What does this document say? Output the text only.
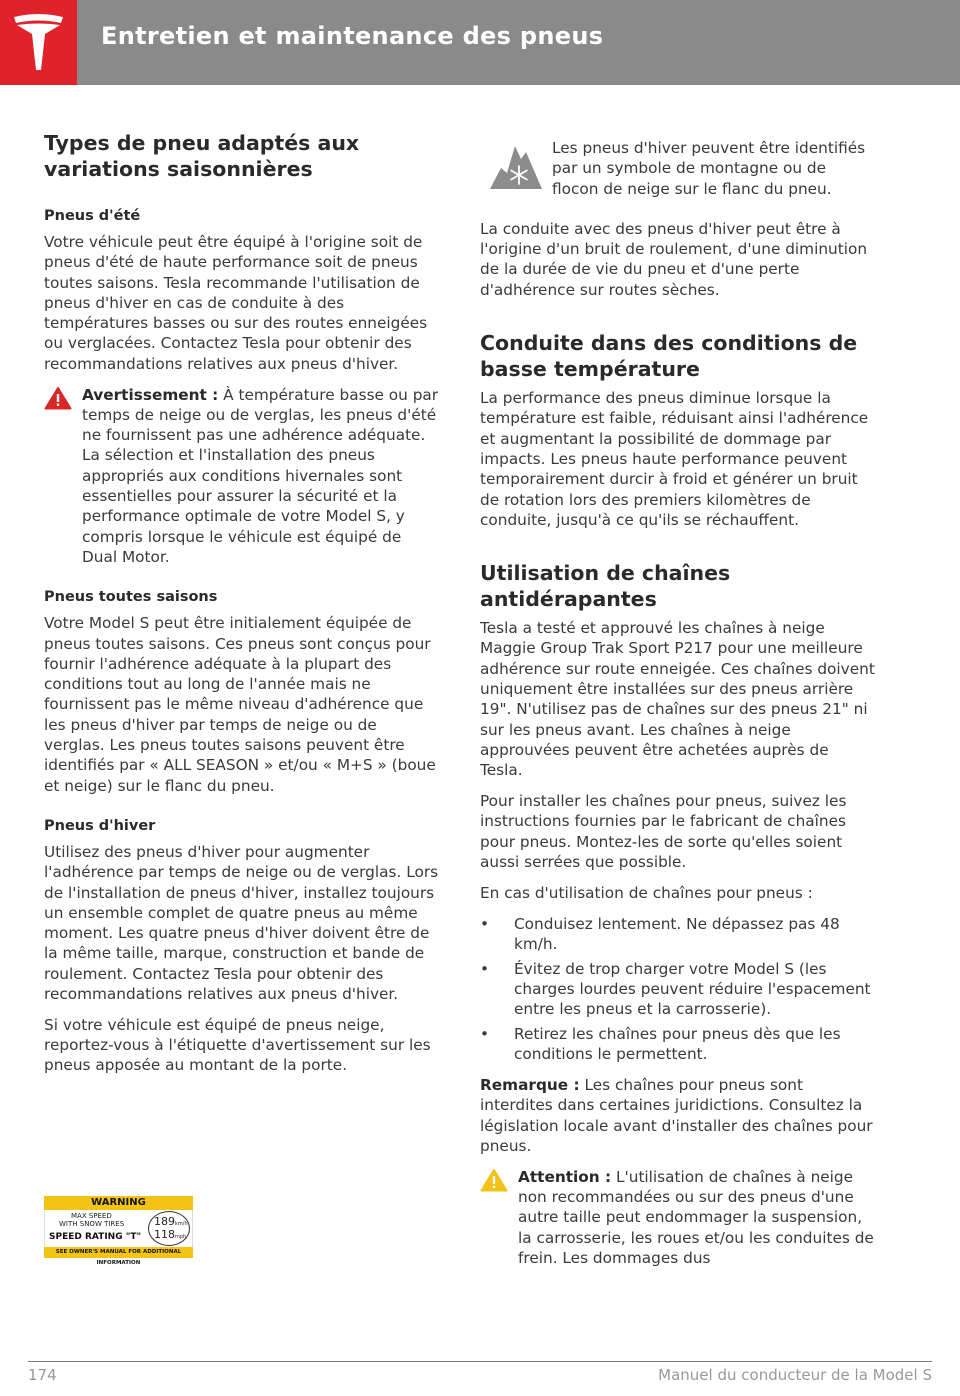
Entretien et maintenance des pneus
Types de pneu adaptés aux variations saisonnières
Pneus d'été

Votre véhicule peut être équipé à l'origine soit de pneus d'été de haute performance soit de pneus toutes saisons. Tesla recommande l'utilisation de pneus d'hiver en cas de conduite à des températures basses ou sur des routes enneigées ou verglacées. Contactez Tesla pour obtenir des recommandations relatives aux pneus d'hiver.

Avertissement : À température basse ou par temps de neige ou de verglas, les pneus d'été ne fournissent pas une adhérence adéquate. La sélection et l'installation des pneus appropriés aux conditions hivernales sont essentielles pour assurer la sécurité et la performance optimale de votre Model S, y compris lorsque le véhicule est équipé de Dual Motor.
Pneus toutes saisons

Votre Model S peut être initialement équipée de pneus toutes saisons. Ces pneus sont conçus pour fournir l'adhérence adéquate à la plupart des conditions tout au long de l'année mais ne fournissent pas le même niveau d'adhérence que les pneus d'hiver par temps de neige ou de verglas. Les pneus toutes saisons peuvent être identifiés par « ALL SEASON » et/ou « M+S » (boue et neige) sur le flanc du pneu.

Pneus d'hiver

Utilisez des pneus d'hiver pour augmenter l'adhérence par temps de neige ou de verglas. Lors de l'installation de pneus d'hiver, installez toujours un ensemble complet de quatre pneus au même moment. Les quatre pneus d'hiver doivent être de la même taille, marque, construction et bande de roulement. Contactez Tesla pour obtenir des recommandations relatives aux pneus d'hiver.

Si votre véhicule est équipé de pneus neige, reportez-vous à l'étiquette d'avertissement sur les pneus apposée au montant de la porte.

WARNING
MAX SPEED
WITH SNOW TIRES
SPEED RATING "T"
189km/h
118mph
SEE OWNER'S MANUAL FOR ADDITIONAL INFORMATION
Les pneus d'hiver peuvent être identifiés par un symbole de montagne ou de flocon de neige sur le flanc du pneu.

La conduite avec des pneus d'hiver peut être à l'origine d'un bruit de roulement, d'une diminution de la durée de vie du pneu et d'une perte d'adhérence sur routes sèches.

Conduite dans des conditions de basse température

La performance des pneus diminue lorsque la température est faible, réduisant ainsi l'adhérence et augmentant la possibilité de dommage par impacts. Les pneus haute performance peuvent temporairement durcir à froid et générer un bruit de rotation lors des premiers kilomètres de conduite, jusqu'à ce qu'ils se réchauffent.

Utilisation de chaînes antidérapantes

Tesla a testé et approuvé les chaînes à neige Maggie Group Trak Sport P217 pour une meilleure adhérence sur route enneigée. Ces chaînes doivent uniquement être installées sur des pneus arrière 19". N'utilisez pas de chaînes sur des pneus 21" ni sur les pneus avant. Les chaînes à neige approuvées peuvent être achetées auprès de Tesla.

Pour installer les chaînes pour pneus, suivez les instructions fournies par le fabricant de chaînes pour pneus. Montez-les de sorte qu'elles soient aussi serrées que possible.

En cas d'utilisation de chaînes pour pneus :

• Conduisez lentement. Ne dépassez pas 48 km/h.
• Évitez de trop charger votre Model S (les charges lourdes peuvent réduire l'espacement entre les pneus et la carrosserie).
• Retirez les chaînes pour pneus dès que les conditions le permettent.

Remarque : Les chaînes pour pneus sont interdites dans certaines juridictions. Consultez la législation locale avant d'installer des chaînes pour pneus.

Attention : L'utilisation de chaînes à neige non recommandées ou sur des pneus d'une autre taille peut endommager la suspension, la carrosserie, les roues et/ou les conduites de frein. Les dommages dus
174	Manuel du conducteur de la Model S
